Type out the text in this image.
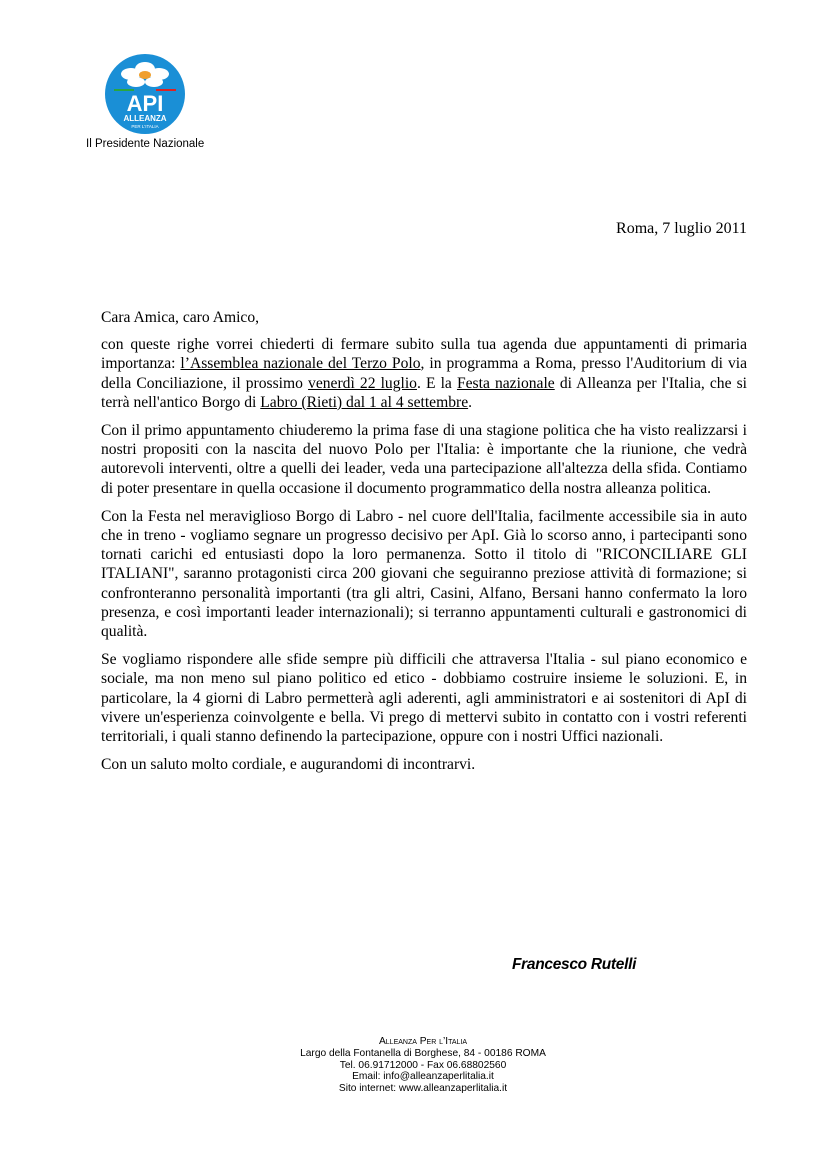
API
ALLEANZA
PER L'ITALIA
Il Presidente Nazionale
Roma, 7 luglio 2011

Cara Amica, caro Amico,

con queste righe vorrei chiederti di fermare subito sulla tua agenda due appuntamenti di primaria importanza: l’Assemblea nazionale del Terzo Polo, in programma a Roma, presso l'Auditorium di via della Conciliazione, il prossimo venerdì 22 luglio. E la Festa nazionale di Alleanza per l'Italia, che si terrà nell'antico Borgo di Labro (Rieti) dal 1 al 4 settembre.

Con il primo appuntamento chiuderemo la prima fase di una stagione politica che ha visto realizzarsi i nostri propositi con la nascita del nuovo Polo per l'Italia: è importante che la riunione, che vedrà autorevoli interventi, oltre a quelli dei leader, veda una partecipazione all'altezza della sfida. Contiamo di poter presentare in quella occasione il documento programmatico della nostra alleanza politica.

Con la Festa nel meraviglioso Borgo di Labro - nel cuore dell'Italia, facilmente accessibile sia in auto che in treno - vogliamo segnare un progresso decisivo per ApI. Già lo scorso anno, i partecipanti sono tornati carichi ed entusiasti dopo la loro permanenza. Sotto il titolo di "RICONCILIARE GLI ITALIANI", saranno protagonisti circa 200 giovani che seguiranno preziose attività di formazione; si confronteranno personalità importanti (tra gli altri, Casini, Alfano, Bersani hanno confermato la loro presenza, e così importanti leader internazionali); si terranno appuntamenti culturali e gastronomici di qualità.

Se vogliamo rispondere alle sfide sempre più difficili che attraversa l'Italia - sul piano economico e sociale, ma non meno sul piano politico ed etico - dobbiamo costruire insieme le soluzioni. E, in particolare, la 4 giorni di Labro permetterà agli aderenti, agli amministratori e ai sostenitori di ApI di vivere un'esperienza coinvolgente e bella. Vi prego di mettervi subito in contatto con i vostri referenti territoriali, i quali stanno definendo la partecipazione, oppure con i nostri Uffici nazionali.

Con un saluto molto cordiale, e augurandomi di incontrarvi.

Francesco Rutelli
Alleanza Per l’Italia
Largo della Fontanella di Borghese, 84 - 00186 ROMA
Tel. 06.91712000 - Fax 06.68802560
Email: info@alleanzaperlitalia.it
Sito internet: www.alleanzaperlitalia.it
